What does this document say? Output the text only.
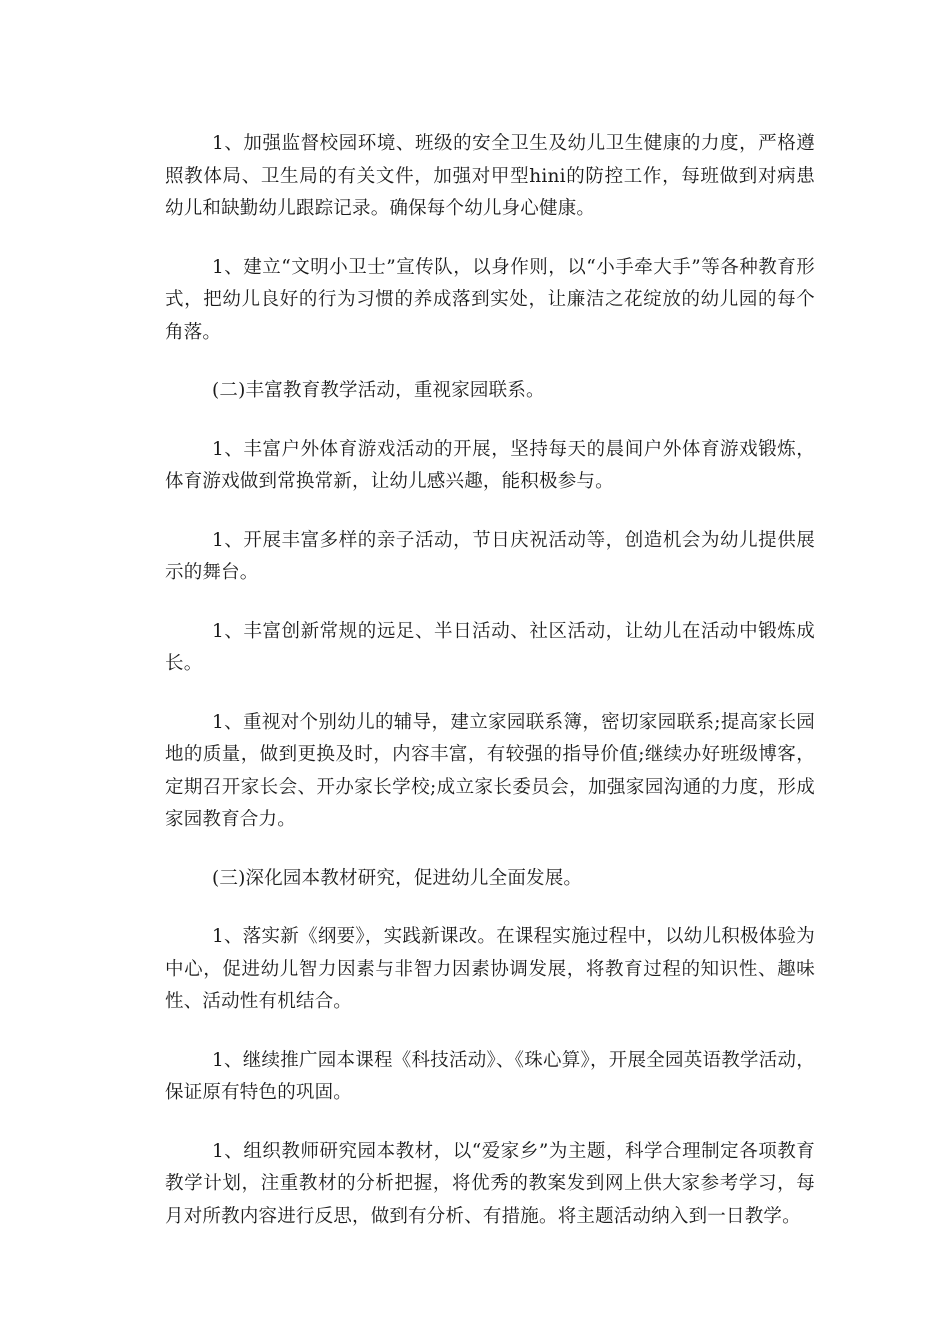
1、加强监督校园环境、班级的安全卫生及幼儿卫生健康的力度，严格遵照教体局、卫生局的有关文件，加强对甲型hini的防控工作，每班做到对病患幼儿和缺勤幼儿跟踪记录。确保每个幼儿身心健康。

1、建立“文明小卫士”宣传队，以身作则，以“小手牵大手”等各种教育形式，把幼儿良好的行为习惯的养成落到实处，让廉洁之花绽放的幼儿园的每个角落。

(二)丰富教育教学活动，重视家园联系。

1、丰富户外体育游戏活动的开展，坚持每天的晨间户外体育游戏锻炼，体育游戏做到常换常新，让幼儿感兴趣，能积极参与。

1、开展丰富多样的亲子活动，节日庆祝活动等，创造机会为幼儿提供展示的舞台。

1、丰富创新常规的远足、半日活动、社区活动，让幼儿在活动中锻炼成长。

1、重视对个别幼儿的辅导，建立家园联系簿，密切家园联系;提高家长园地的质量，做到更换及时，内容丰富，有较强的指导价值;继续办好班级博客，定期召开家长会、开办家长学校;成立家长委员会，加强家园沟通的力度，形成家园教育合力。

(三)深化园本教材研究，促进幼儿全面发展。

1、落实新《纲要》，实践新课改。在课程实施过程中，以幼儿积极体验为中心，促进幼儿智力因素与非智力因素协调发展，将教育过程的知识性、趣味性、活动性有机结合。

1、继续推广园本课程《科技活动》、《珠心算》，开展全园英语教学活动，保证原有特色的巩固。

1、组织教师研究园本教材，以“爱家乡”为主题，科学合理制定各项教育教学计划，注重教材的分析把握，将优秀的教案发到网上供大家参考学习，每月对所教内容进行反思，做到有分析、有措施。将主题活动纳入到一日教学。
